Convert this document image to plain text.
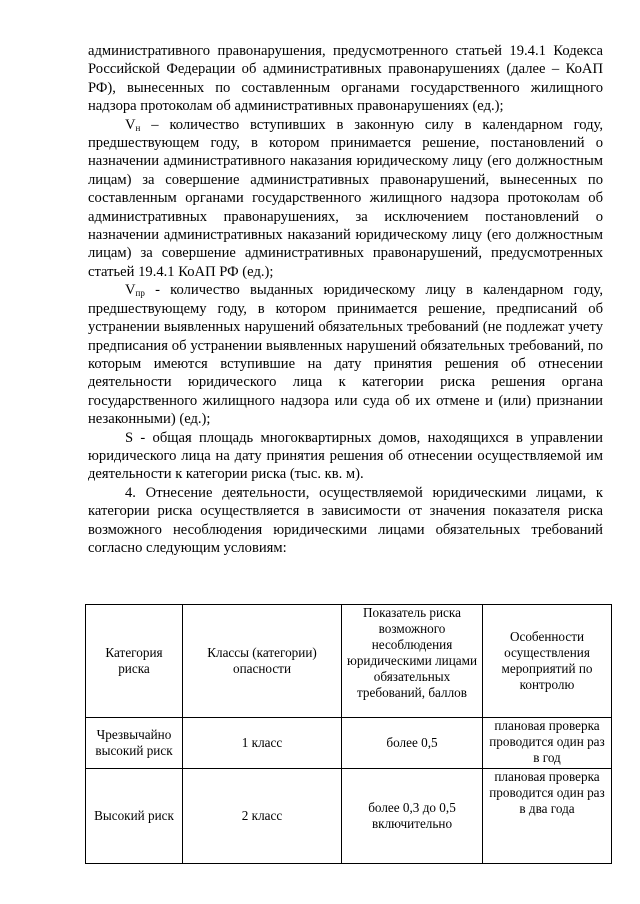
административного правонарушения, предусмотренного статьей 19.4.1 Кодекса Российской Федерации об административных правонарушениях (далее – КоАП РФ), вынесенных по составленным органами государственного жилищного надзора протоколам об административных правонарушениях (ед.);

$V_н$ – количество вступивших в законную силу в календарном году, предшествующем году, в котором принимается решение, постановлений о назначении административного наказания юридическому лицу (его должностным лицам) за совершение административных правонарушений, вынесенных по составленным органами государственного жилищного надзора протоколам об административных правонарушениях, за исключением постановлений о назначении административных наказаний юридическому лицу (его должностным лицам) за совершение административных правонарушений, предусмотренных статьей 19.4.1 КоАП РФ (ед.);

$V_{пр}$ - количество выданных юридическому лицу в календарном году, предшествующему году, в котором принимается решение, предписаний об устранении выявленных нарушений обязательных требований (не подлежат учету предписания об устранении выявленных нарушений обязательных требований, по которым имеются вступившие на дату принятия решения об отнесении деятельности юридического лица к категории риска решения органа государственного жилищного надзора или суда об их отмене и (или) признании незаконными) (ед.);

S - общая площадь многоквартирных домов, находящихся в управлении юридического лица на дату принятия решения об отнесении осуществляемой им деятельности к категории риска (тыс. кв. м).

4. Отнесение деятельности, осуществляемой юридическими лицами, к категории риска осуществляется в зависимости от значения показателя риска возможного несоблюдения юридическими лицами обязательных требований согласно следующим условиям:

Категория риска	Классы (категории) опасности	Показатель риска возможного несоблюдения юридическими лицами обязательных требований, баллов	Особенности осуществления мероприятий по контролю
Чрезвычайно высокий риск	1 класс	более 0,5	плановая проверка проводится один раз в год
Высокий риск	2 класс	более 0,3 до 0,5 включительно	плановая проверка проводится один раз в два года
